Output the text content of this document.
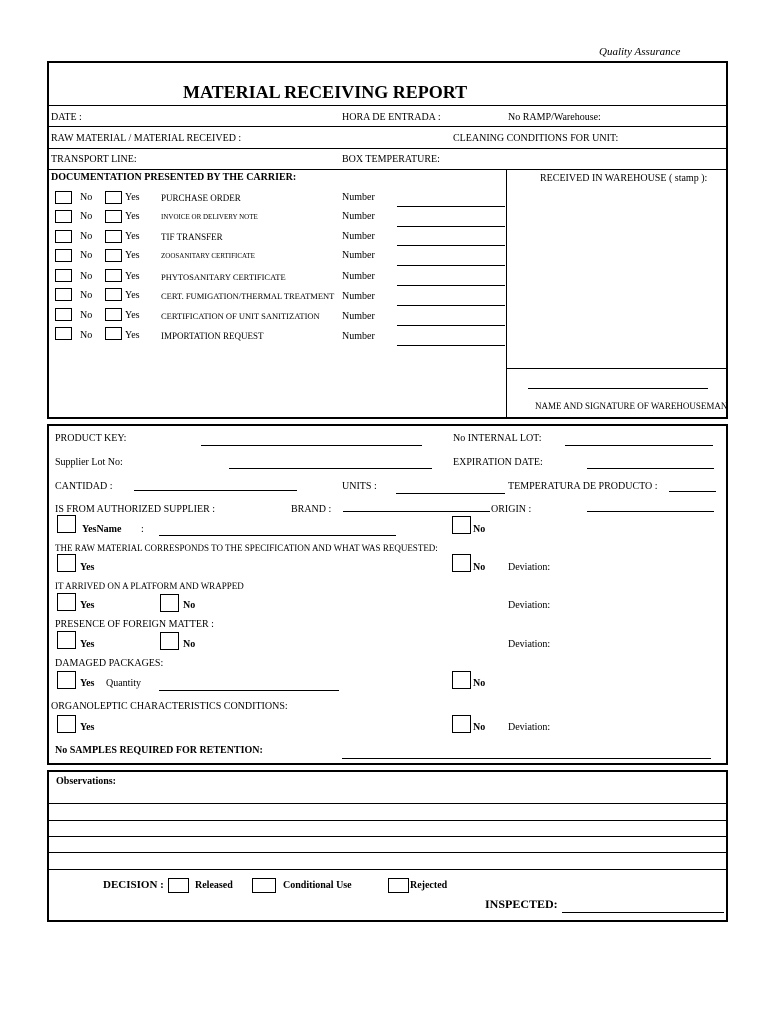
Quality Assurance
MATERIAL RECEIVING REPORT
DATE :	HORA DE ENTRADA :	No RAMP/Warehouse:
RAW MATERIAL / MATERIAL RECEIVED :	CLEANING CONDITIONS FOR UNIT:
TRANSPORT LINE:	BOX TEMPERATURE:
DOCUMENTATION PRESENTED BY THE CARRIER:	RECEIVED IN WAREHOUSE ( stamp ):
NAME AND SIGNATURE OF WAREHOUSEMAN
No	Yes PURCHASE ORDER	Number
No	Yes	INVOICE OR DELIVERY NOTE	Number
No	Yes TIF TRANSFER	Number
No	Yes	ZOOSANITARY CERTIFICATE	Number
No	Yes	PHYTOSANITARY CERTIFICATE	Number
No	Yes	CERT. FUMIGATION/THERMAL TREATMENT Number
No	Yes	CERTIFICATION OF UNIT SANITIZATION Number
No	Yes IMPORTATION REQUEST	Number
PRODUCT KEY:	No INTERNAL LOT:
Supplier Lot No:	EXPIRATION DATE:
CANTIDAD :	UNITS :	TEMPERATURA DE PRODUCTO :
IS FROM AUTHORIZED SUPPLIER :	BRAND :	ORIGIN :
YesName :	No
THE RAW MATERIAL CORRESPONDS TO THE SPECIFICATION AND WHAT WAS REQUESTED:
Yes	No Deviation:
IT ARRIVED ON A PLATFORM AND WRAPPED
Yes	No	Deviation:
PRESENCE OF FOREIGN MATTER :
Yes	No	Deviation:
DAMAGED PACKAGES:
Yes Quantity	No
ORGANOLEPTIC CHARACTERISTICS CONDITIONS:
Yes	No Deviation:
No SAMPLES REQUIRED FOR RETENTION:
Observations:
DECISION :	Released	Conditional Use	Rejected
INSPECTED:
